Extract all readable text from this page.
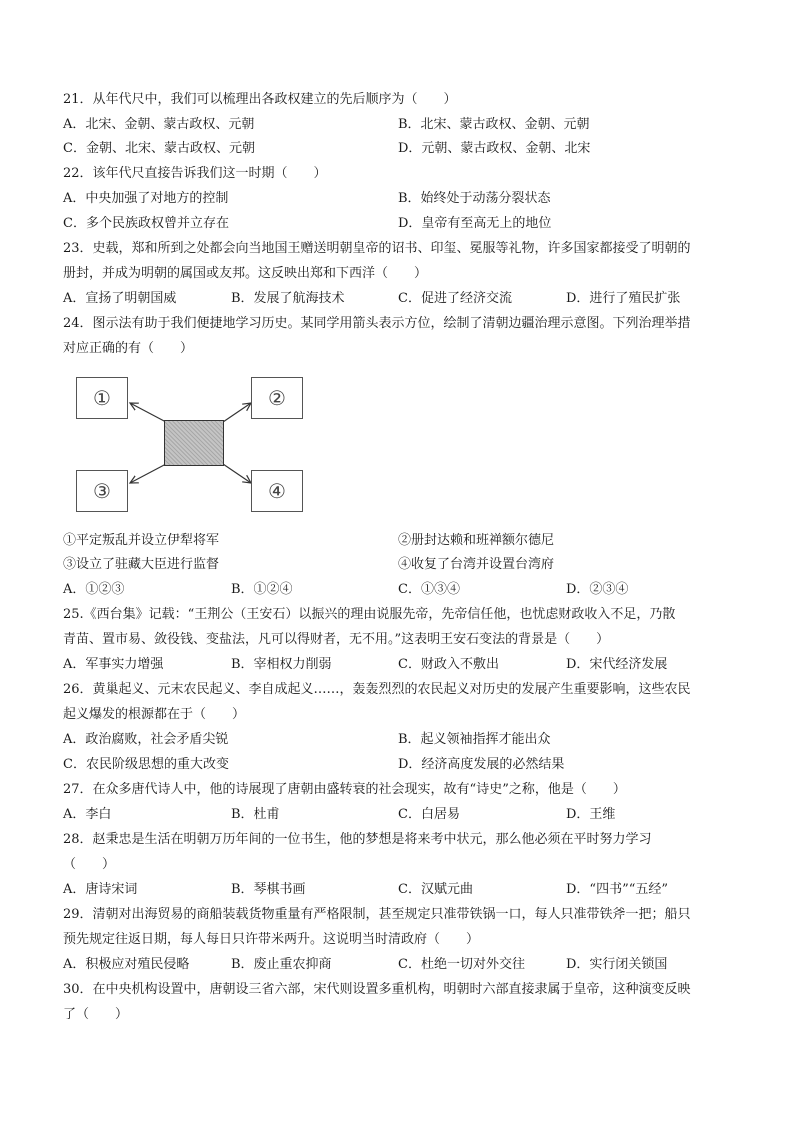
21．从年代尺中，我们可以梳理出各政权建立的先后顺序为（　　）
A．北宋、金朝、蒙古政权、元朝	B．北宋、蒙古政权、金朝、元朝
C．金朝、北宋、蒙古政权、元朝	D．元朝、蒙古政权、金朝、北宋
22．该年代尺直接告诉我们这一时期（　　）
A．中央加强了对地方的控制	B．始终处于动荡分裂状态
C．多个民族政权曾并立存在	D．皇帝有至高无上的地位
23．史载，郑和所到之处都会向当地国王赠送明朝皇帝的诏书、印玺、冕服等礼物，许多国家都接受了明朝的
册封，并成为明朝的属国或友邦。这反映出郑和下西洋（　　）
A．宣扬了明朝国威	B．发展了航海技术	C．促进了经济交流	D．进行了殖民扩张
24．图示法有助于我们便捷地学习历史。某同学用箭头表示方位，绘制了清朝边疆治理示意图。下列治理举措
对应正确的有（　　）
①	②
③	④
①平定叛乱并设立伊犁将军	②册封达赖和班禅额尔德尼
③设立了驻藏大臣进行监督	④收复了台湾并设置台湾府
A．①②③	B．①②④	C．①③④	D．②③④
25.《西台集》记载：“王荆公（王安石）以振兴的理由说服先帝，先帝信任他，也忧虑财政收入不足，乃散
青苗、置市易、敛役钱、变盐法，凡可以得财者，无不用。”这表明王安石变法的背景是（　　）
A．军事实力增强	B．宰相权力削弱	C．财政入不敷出	D．宋代经济发展
26．黄巢起义、元末农民起义、李自成起义……，轰轰烈烈的农民起义对历史的发展产生重要影响，这些农民
起义爆发的根源都在于（　　）
A．政治腐败，社会矛盾尖锐	B．起义领袖指挥才能出众
C．农民阶级思想的重大改变	D．经济高度发展的必然结果
27．在众多唐代诗人中，他的诗展现了唐朝由盛转衰的社会现实，故有“诗史”之称，他是（　　）
A．李白	B．杜甫	C．白居易	D．王维
28．赵秉忠是生活在明朝万历年间的一位书生，他的梦想是将来考中状元，那么他必须在平时努力学习
（　　）
A．唐诗宋词	B．琴棋书画	C．汉赋元曲	D．“四书”“五经”
29．清朝对出海贸易的商船装载货物重量有严格限制，甚至规定只准带铁锅一口，每人只准带铁斧一把；船只
预先规定往返日期，每人每日只许带米两升。这说明当时清政府（　　）
A．积极应对殖民侵略	B．废止重农抑商	C．杜绝一切对外交往	D．实行闭关锁国
30．在中央机构设置中，唐朝设三省六部，宋代则设置多重机构，明朝时六部直接隶属于皇帝，这种演变反映
了（　　）
